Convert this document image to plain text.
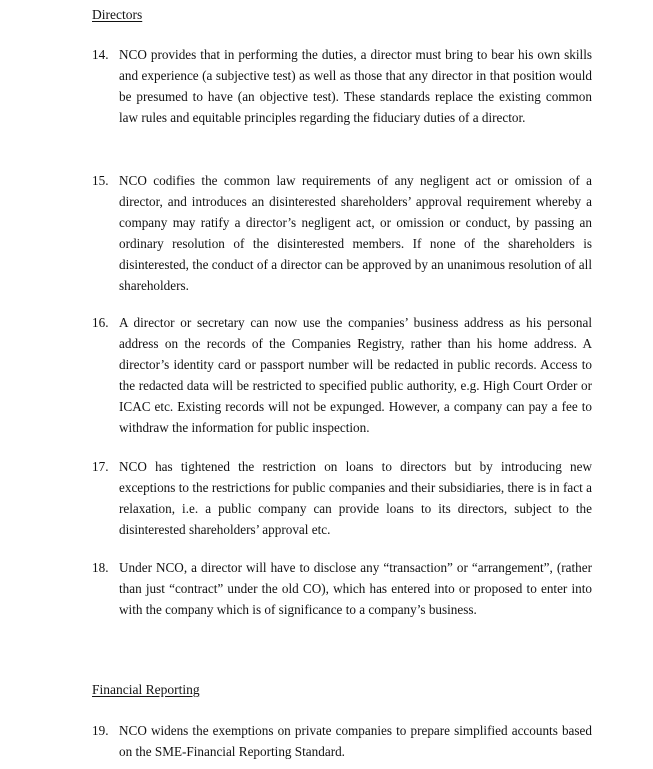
Directors
14. NCO provides that in performing the duties, a director must bring to bear his own skills and experience (a subjective test) as well as those that any director in that position would be presumed to have (an objective test). These standards replace the existing common law rules and equitable principles regarding the fiduciary duties of a director.
15. NCO codifies the common law requirements of any negligent act or omission of a director, and introduces an disinterested shareholders’ approval requirement whereby a company may ratify a director’s negligent act, or omission or conduct, by passing an ordinary resolution of the disinterested members. If none of the shareholders is disinterested, the conduct of a director can be approved by an unanimous resolution of all shareholders.
16. A director or secretary can now use the companies’ business address as his personal address on the records of the Companies Registry, rather than his home address. A director’s identity card or passport number will be redacted in public records. Access to the redacted data will be restricted to specified public authority, e.g. High Court Order or ICAC etc. Existing records will not be expunged. However, a company can pay a fee to withdraw the information for public inspection.
17. NCO has tightened the restriction on loans to directors but by introducing new exceptions to the restrictions for public companies and their subsidiaries, there is in fact a relaxation, i.e. a public company can provide loans to its directors, subject to the disinterested shareholders’ approval etc.
18. Under NCO, a director will have to disclose any “transaction” or “arrangement”, (rather than just “contract” under the old CO), which has entered into or proposed to enter into with the company which is of significance to a company’s business.
Financial Reporting
19. NCO widens the exemptions on private companies to prepare simplified accounts based on the SME-Financial Reporting Standard.
